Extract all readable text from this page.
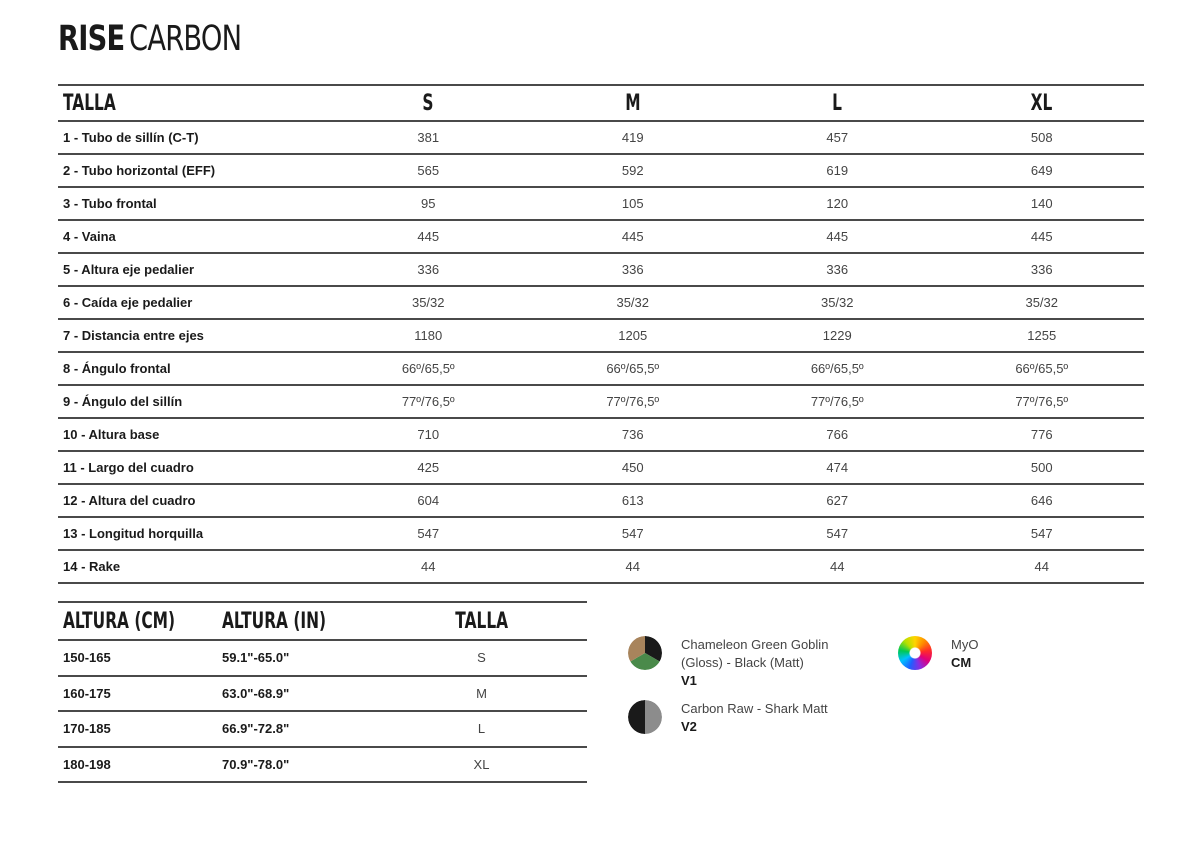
RISE CARBON
TALLA	S	M	L	XL
1 - Tubo de sillín (C-T)	381	419	457	508
2 - Tubo horizontal (EFF)	565	592	619	649
3 - Tubo frontal	95	105	120	140
4 - Vaina	445	445	445	445
5 - Altura eje pedalier	336	336	336	336
6 - Caída eje pedalier	35/32	35/32	35/32	35/32
7 - Distancia entre ejes	1180	1205	1229	1255
8 - Ángulo frontal	66º/65,5º	66º/65,5º	66º/65,5º	66º/65,5º
9 - Ángulo del sillín	77º/76,5º	77º/76,5º	77º/76,5º	77º/76,5º
10 - Altura base	710	736	766	776
11 - Largo del cuadro	425	450	474	500
12 - Altura del cuadro	604	613	627	646
13 - Longitud horquilla	547	547	547	547
14 - Rake	44	44	44	44
ALTURA (CM)	ALTURA (IN)	TALLA
150-165	59.1"-65.0"	S
160-175	63.0"-68.9"	M
170-185	66.9"-72.8"	L
180-198	70.9"-78.0"	XL
Chameleon Green Goblin
(Gloss) - Black (Matt)
V1
Carbon Raw - Shark Matt
V2
MyO
CM
